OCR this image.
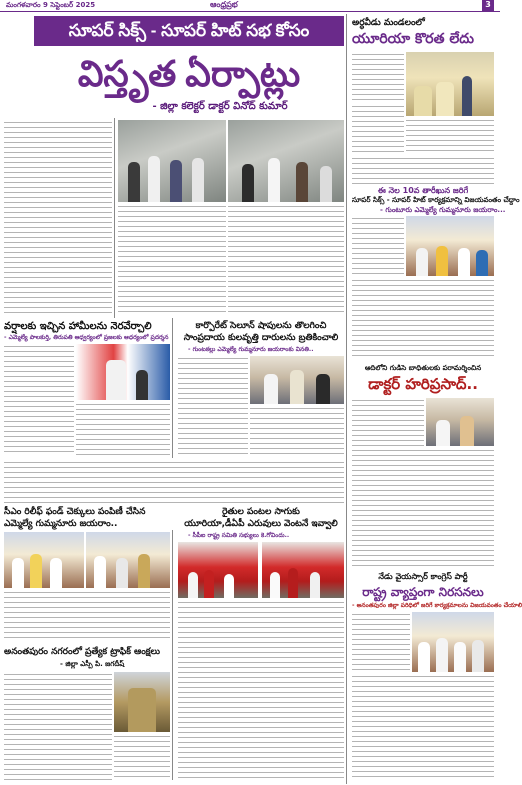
మంగళవారం 9 సెప్టెంబర్ 2025	ఆంధ్రప్రభ	3
సూపర్ సిక్స్ - సూపర్ హిట్ సభ కోసం
విస్తృత ఏర్పాట్లు
- జిల్లా కలెక్టర్ డాక్టర్ వినోద్ కుమార్
అర్ధవీడు మండలంలో
యూరియా కొరత లేదు
ఈ నెల 10వ తారీఖున జరిగే
సూపర్ సిక్స్ - సూపర్ హిట్ కార్యక్రమాన్ని విజయవంతం చేద్దాం
- గుంటూరు ఎమ్మెల్యే గుమ్మనూరు జయరాం...
ఆదిలోని గుడిసె బాధితులకు పరామర్శించిన
డాక్టర్ హరిప్రసాద్..
నేడు వైయస్సార్ కాంగ్రెస్ పార్టీ
రాష్ట్ర వ్యాప్తంగా నిరసనలు
- అనంతపురం జిల్లా పరిధిలో జరిగే కార్యక్రమాలను విజయవంతం చేయాలి
వర్షాలకు ఇచ్చిన హామీలను నెరవేర్చాలి
- ఎమ్మెల్యే పాలకుర్తి, తిరుపతి ఆధ్వర్యంలో ప్రజలకు ఆధర్యంలో ప్రదర్శన
కార్పొరేట్ సెలూన్ షాపులను తొలగించి
సాంప్రదాయ కులవృత్తి దారులను బ్రతికించాలి
- గుంటకల్లు ఎమ్మెల్యే గుమ్మనూరు జయరాంకు వినతి..
సీఎం రిలీఫ్ ఫండ్ చెక్కులు పంపిణీ చేసిన
ఎమ్మెల్యే గుమ్మనూరు జయరాం..
రైతుల పంటల సాగుకు
యూరియా,డీఏపీ ఎరువులు వెంటనే ఇవ్వాలి
- సీపీఐ రాష్ట్ర సమితి సభ్యులు కె.గోవిందు..
అనంతపురం నగరంలో ప్రత్యేక ట్రాఫిక్ ఆంక్షలు
- జిల్లా ఎస్పీ పి. జగదీష్
